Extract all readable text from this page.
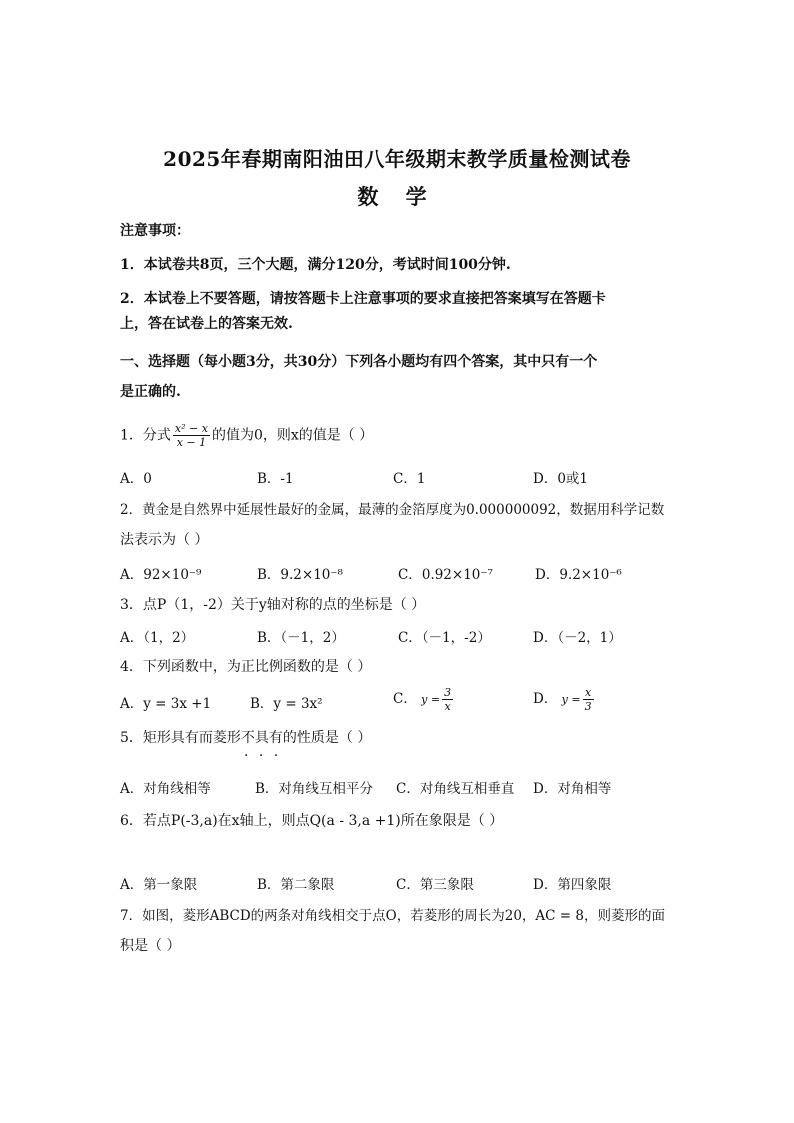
2025年春期南阳油田八年级期末教学质量检测试卷
数 学
注意事项：
1．本试卷共8页，三个大题，满分120分，考试时间100分钟.
2．本试卷上不要答题，请按答题卡上注意事项的要求直接把答案填写在答题卡
上，答在试卷上的答案无效.
一、选择题（每小题3分，共30分）下列各小题均有四个答案，其中只有一个
是正确的.
1．分式 $\frac{\text{x² − x}}{x - 1}$ 的值为0，则x的值是（ ）
A．0	B．-1	C．1	D．0或1
2．黄金是自然界中延展性最好的金属，最薄的金箔厚度为0.000000092，数据用科学记数
法表示为（ ）
A．92×10⁻⁹	B．9.2×10⁻⁸	C．0.92×10⁻⁷	D．9.2×10⁻⁶
3．点P（1，-2）关于y轴对称的点的坐标是（ ）
A．（1，2）	B．（－1，2）	C．（－1，-2）	D．（－2，1）
4．下列函数中，为正比例函数的是（ ）
A．y = 3x +1	B．y = 3x²	C． $y = \frac{3}{x}$	D． $y = \frac{x}{3}$
5．矩形具有而菱形不具有的性质是（ ）
· · ·
A．对角线相等	B．对角线互相平分 C．对角线互相垂直 D．对角相等
6．若点P(-3,a)在x轴上，则点Q(a - 3,a +1)所在象限是（ ）
A．第一象限	B．第二象限	C．第三象限	D．第四象限
7．如图，菱形ABCD的两条对角线相交于点O，若菱形的周长为20，AC = 8，则菱形的面
积是（ ）
